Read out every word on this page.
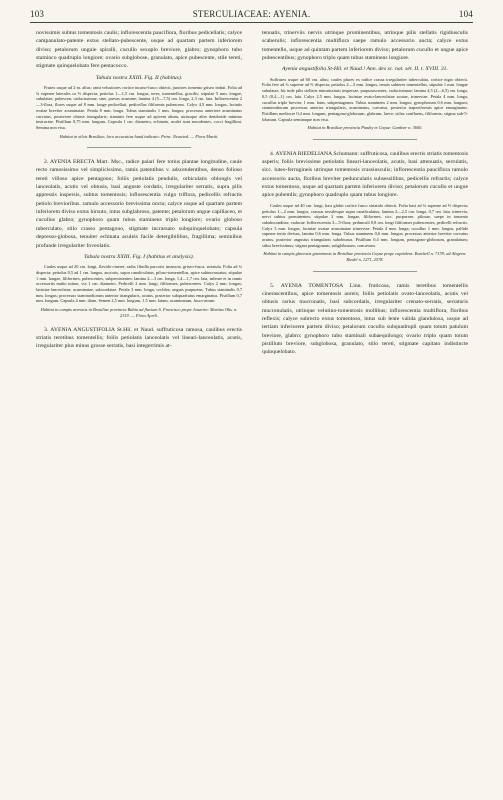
103	STERCULIACEAE: AYENIA.	104

novissimis subtus tomentosis caulis; inflorescentia paucifiora, floribus pedicellatis; calyce campanulato-patente extus stellato-pubescente, usque ad quartam partem inferiorem diviso; petalorum unguie spiralli, cucullo sexuplo breviore, glabro; gynophoro tubo staminco quadruplo longiore; ovario subglobose, granulato, apice pubescente, stile tereti, stigmate quinquelobato fere pentacocco.

Tabula nostra XXIII. Fig. II (habitus).

Frutex usque ad 2 m. altus; rami velustiores cortice incano-fusco obtecti, juniores tomento griseo induti. Folia ad ¾ superne laterales ca ⅔ dispecta; petiolus 1—1,5 cm. longus, teres, tomentellus, gracilis; stipulae 5 mm. longae, subulatae, pubescen, caducissimae, sine, parvas acumine; lamina 4 (5—7,5) cm. longa, 2,3 cm. lata. Inflorescentia 2—3-flora, flores usque ad 8 mm. longe pedicellati, pedicellus filiformis pubescens. Calyx 4,5 mm. longus, laciniis ovatae breviter acuminatae. Petala 8 mm. longa. Tubus staminalis 1 mm. longus; processus anteriore acuminatus curvatus, posteriore obtuse triangularis; staminis fere usque ad apicem altum, utriusque alter dendroide minimo instructae. Pistillum 0,75 mm. longum. Capsula 1 cm. diametro, echinata, aculei sunt ancodentes, cocci fragillimi. Semina non visa.

Habitat in silvis Brasiliae, loco accuratius haud indicato: Princ. Neuwied. — Flora Martii.

2. AYENIA ERECTA Mart. Msc., radice palari fere totius plantae longitudine, caule recto ramosissimo vel simplicissimo, ramis patentibus v. adscendentibus, denso folioso tereti villoso apice pentagono; foliis petiolatis pendulis, orbiculatis oblongis vel lanceolatis, acutis vel obtusis, basi anguste cordatis, irregulariter serratis, supra pilis appressis inspersis, subtus tomentosis; inflorescentia vulgo triflora, pedicellis refractis petiolo brevioribus. ramulo accessorio brevissima oncta; calyce usque ad quartam partem inferiorem diviso extus hirsuto, intus subglabroso, patente; petalorum ungue capillaceo, et cucullus glabro; gynophoro quam tubus staminens triplo longiore; ovario globoso tuberculato, stilo crasso pentagono, stigmate incrassato subquinquelobato; capsula depresso-globosa, tenuiter echinata aculeis facile detergibilibus, fragillima; seminibus profunde irregulariter foveolatis.

Tabula nostra XXIII. Fig. I (habitus et analysis).

Caules usque ad 20 cm. longi, flavido-cinerei; radix fibrilla parcoris instructa, griseo-fusca, striatula. Folia ad ¾ dispecta; petiolus 0,5 ad 1 cm. longus, auctoris, supra canaliculatus, piloso-tomentellus, apice subincrassatus; stipulae 1 mm. longae, filiformes, pubescentes, subpersistentes; lamina 2—3 cm. longa, 1,4—1,7 cm. lata, inferne et in ramis accessoriis multo minor, vix 1 cm. diametro. Pedicelli 2 mm. longi, filiformes, pubescentes. Calyx 2 mm. longus; laciniae lanceolatae, acuminatae, subcordatae. Petala 3 mm. longa, cochlea, unguis purpureus. Tubus staminalis 0,7 mm. longus; processus staminodiorum anterior triangularis, acutus, posterior subquadratus emarginatus. Pistillum 0,7 mm. longum. Capsula 4 mm. diam. Semen 2,5 mm. longum, 1,5 mm. latum, acuminatum, fusco-atrum.

Habitat in campis arenosis in Brasiliae provincia Bahia ad fluvium S. Francisco prope Joazeiro: Martius Obs. n. 2319. — Flora Aprili.

3. AYENIA ANGUSTIFOLIA St.Hil. et Naud. suffruticosa ramosa, caulibus erectis striatis teretibus tomentellis; foliis petiolatis lanceolatis vel lineari-lanceolatis, acutis, irregulariter plus minus grosse serratis, basi integerrimis at-

tenuatis, trinerviis nervis utrinque prominentibus, utrinque pilis stellatis rigidiusculis scaberulis; inflorescentia multiflora saepe ramulo accessorio aucta; calyce extus tomentello, usque ad quintam partem inferiorem diviso; petalorum cucullo et ungue apice pubescentibus; gynophoro triplo quam tubus staminens longiore.

Ayenia angustifolia St-Hil. et Naud.! Ann. des sc. nat. sér. II. t. XVIII. 31.

Suffrutex usque ad 60 cm. altus; caules plures ex radice crassa irregulariter tuberculata, cortice nigro obtecti. Folia fere ad ¾ superne ad ⅔ dispecta; petiolus 2—3 mm. longus, tenuis subteres tomentellus, stipulae 1 mm. longae subulatae, hic inde pilis stellatis minutissimis inspersae, purpurascentes, caducissimae; lamina 4,5 (2—6,5) cm. longa, 0,5 (0,4—1) cm. lata. Calyx 2,5 mm. longus, laciniae ovato-lanceolatae acutae, trinerviae. Petala 4 mm. longa, cucullus triplo brevior, 1 mm. latus, subpentagonus. Tubus staminens 2 mm. longus; gynophorum 0,6 mm. longum; staminodiorum processus anterior triangularis, acuminatus, curvatus, posterior trapeziformis apice emarginatus. Pistillum mediocre 0,4 mm. longum, pentagono-globosum, glabrum, laeve; stilus confluens, filiformis; stigma sub-5-lobatum. Capsula seminaque non visa.

Habitat in Brasiliae provincia Piauhy et Goyaz: Gardner n. 3600.

4. AYENIA RIEDELIANA Schumann: suffruticosa, caulibus erectis striatis tomentosis asperis; foliis brevissime petiolatis lineari-lanceolatis, acutis, basi attenuatis, serrulatis, sicc. luteo-ferrugineis utrinque tomentosis crassiusculis; inflorescentia pauciflora ramulo accessorio aucta, floribus breviter pedunculatis subsessilibus, pedicellis refractis; calyce extus tomentoso, usque ad quartam partem inferiorem diviso; petalorum cucullo et ungue apice pubemlis; gynophoro quadruplo quam tubus longiore.

Caules usque ad 40 cm. longi, basi glabri cortice fusco striatulo obtecti. Folia basi ad ¾ superne ad ⅔ dispecta; petiolus 1—2 mm. longus, crassus sessilesque supra canaliculatus; lamina 2—2,5 cm. longa, 0,7 cm. lata, trinervia, nervi subtus prominentes; stipulae 2 mm. longae, filiformes, sicc. purpureae, pilosae, saepe in tomento subabsconditae, caducae. Inflorescentia 3—5-flora; pedunculi 0,8 cm. longi filiformes pubescentes; pedicelli refractis. Calyx 3 mm. longus, laciniae ovatae acuminatae trinerviae. Petala 4 mm. longa; cucullus 1 mm. longus, pallide superne tertia divisus, lamina 0,6 mm. longa. Tubus staminens 0,6 mm. longus; processus anterior breviter curvatus acutus, posterior angustus triangularis subobtusus. Pistillum 0,4 mm. longum, pentagono-globosum, granulatum; stilus brevissimus; stigma pentagonum, subglobosum, concavum.

Habitat in campis glareosis graminosis in Brasiliae provincia Goyaz prope capitolem: Burchell n. 7178; ad Alegrea: Riedel n. 1271, 2578.

5. AYENIA TOMENTOSA Linn. fruticosa, ramis teretibus tomentellis cinerascentibus, apice tomentosis aureis; foliis petiolatis ovato-lanceolatis, acutis vel obtusis rarius mucronatis, basi subcordatis, irregulariter crenato-serratis, serraturis mucronulatis, utrinque velutino-tomentosis mollibus; inflorescentia multiflora, floribus reflexis; calyce subrecto extus tomentoso, intus sub lente valida glandulosa, usque ad tertiam inferiorem partem diviso; petalorum cucullo subquadrupli quam totum patulum breviore, glabro; gynophoro tubo staminali subaequilongo; ovario triplo quam totum pistillum breviore, subglobosa, granulato, stilo tereti, stigmate capitato indistincte quinquelobato.
